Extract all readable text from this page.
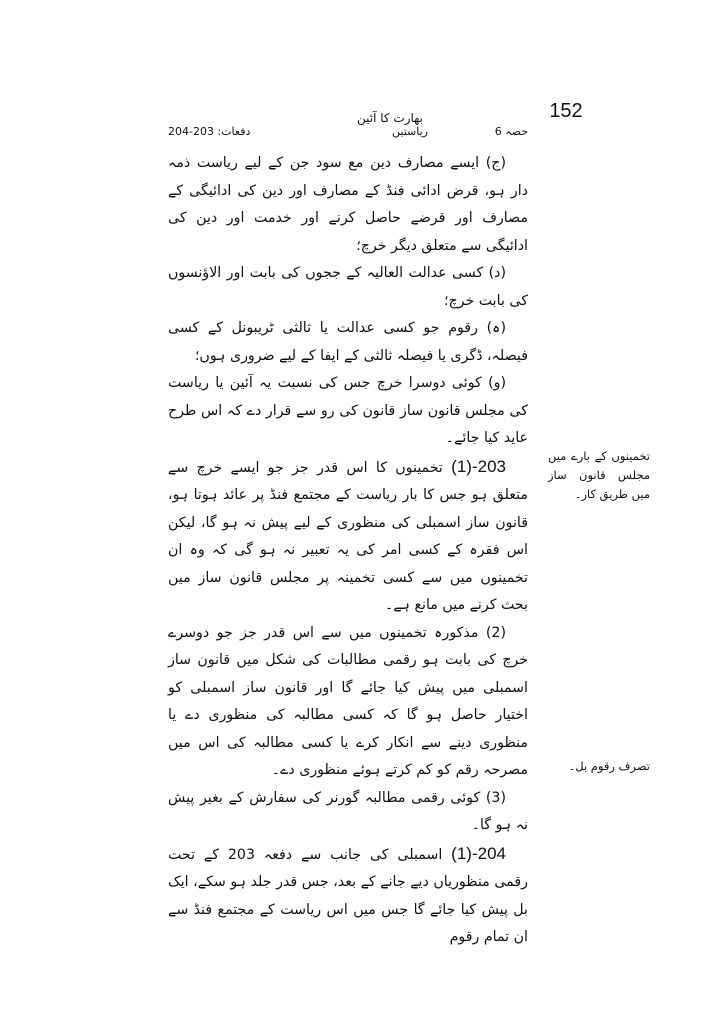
152
بھارت کا آئین
حصہ 6
ریاستیں
دفعات: 203-204

(ج) ایسے مصارف دین مع سود جن کے لیے ریاست ذمہ دار ہو، قرض ادائی فنڈ کے مصارف اور دین کی ادائیگی کے مصارف اور قرضے حاصل کرنے اور خدمت اور دین کی ادائیگی سے متعلق دیگر خرچ؛

(د) کسی عدالت العالیہ کے ججوں کی بابت اور الاؤنسوں کی بابت خرچ؛

(ہ) رقوم جو کسی عدالت یا ثالثی ٹریبونل کے کسی فیصلہ، ڈگری یا فیصلہ ثالثی کے ایفا کے لیے ضروری ہوں؛

(و) کوئی دوسرا خرچ جس کی نسبت یہ آئین یا ریاست کی مجلس قانون ساز قانون کی رو سے قرار دے کہ اس طرح عاید کیا جائے۔

203-(1) تخمینوں کا اس قدر جز جو ایسے خرچ سے متعلق ہو جس کا بار ریاست کے مجتمع فنڈ پر عائد ہوتا ہو، قانون ساز اسمبلی کی منظوری کے لیے پیش نہ ہو گا، لیکن اس فقرہ کے کسی امر کی یہ تعبیر نہ ہو گی کہ وہ ان تخمینوں میں سے کسی تخمینہ پر مجلس قانون ساز میں بحث کرنے میں مانع ہے۔

(2) مذکورہ تخمینوں میں سے اس قدر جز جو دوسرے خرچ کی بابت ہو رقمی مطالبات کی شکل میں قانون ساز اسمبلی میں پیش کیا جائے گا اور قانون ساز اسمبلی کو اختیار حاصل ہو گا کہ کسی مطالبہ کی منظوری دے یا منظوری دینے سے انکار کرے یا کسی مطالبہ کی اس میں مصرحہ رقم کو کم کرتے ہوئے منظوری دے۔

(3) کوئی رقمی مطالبہ گورنر کی سفارش کے بغیر پیش نہ ہو گا۔

204-(1) اسمبلی کی جانب سے دفعہ 203 کے تحت رقمی منظوریاں دیے جانے کے بعد، جس قدر جلد ہو سکے، ایک بل پیش کیا جائے گا جس میں اس ریاست کے مجتمع فنڈ سے ان تمام رقوم

تخمینوں کے بارے میں مجلس قانون ساز میں طریق کار۔
تصرف رقوم بل۔
